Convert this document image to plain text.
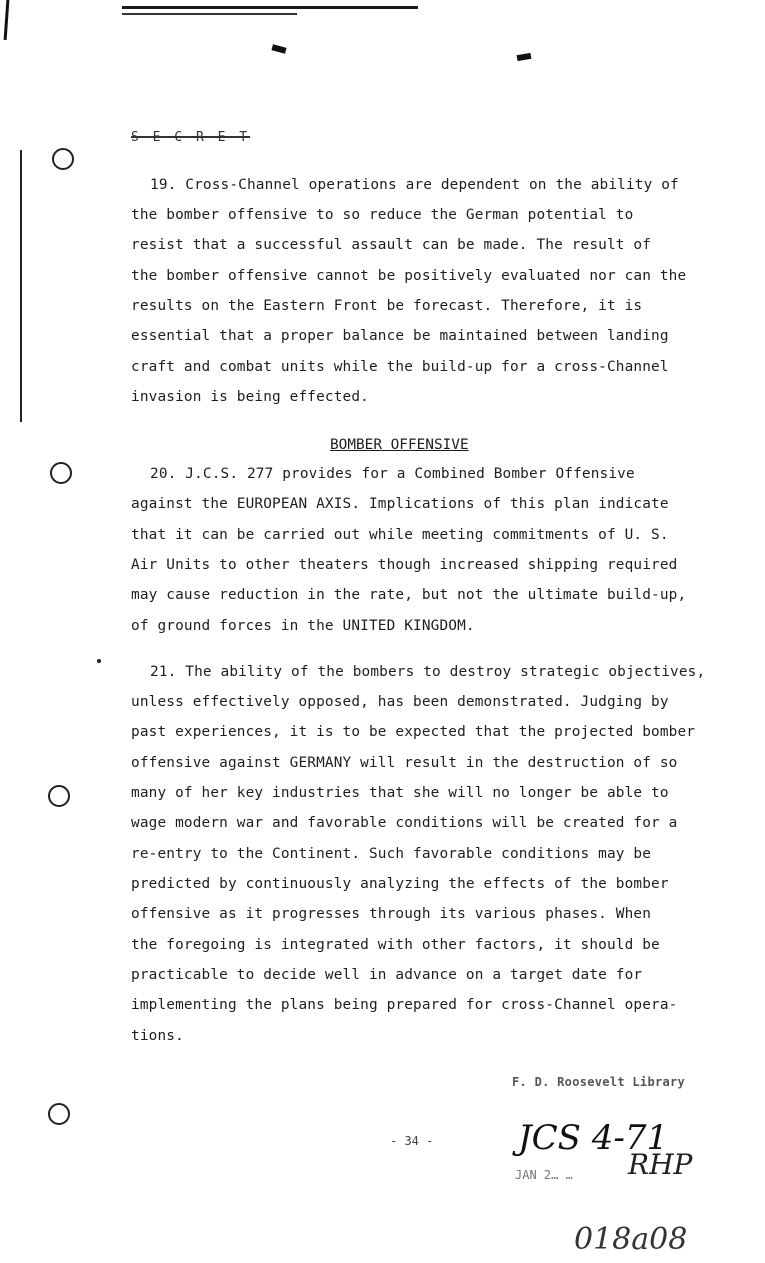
S E C R E T
19. Cross-Channel operations are dependent on the ability of
the bomber offensive to so reduce the German potential to
resist that a successful assault can be made. The result of
the bomber offensive cannot be positively evaluated nor can the
results on the Eastern Front be forecast. Therefore, it is
essential that a proper balance be maintained between landing
craft and combat units while the build-up for a cross-Channel
invasion is being effected.
BOMBER OFFENSIVE
20. J.C.S. 277 provides for a Combined Bomber Offensive
against the EUROPEAN AXIS. Implications of this plan indicate
that it can be carried out while meeting commitments of U. S.
Air Units to other theaters though increased shipping required
may cause reduction in the rate, but not the ultimate build-up,
of ground forces in the UNITED KINGDOM.
21. The ability of the bombers to destroy strategic objectives,
unless effectively opposed, has been demonstrated. Judging by
past experiences, it is to be expected that the projected bomber
offensive against GERMANY will result in the destruction of so
many of her key industries that she will no longer be able to
wage modern war and favorable conditions will be created for a
re-entry to the Continent. Such favorable conditions may be
predicted by continuously analyzing the effects of the bomber
offensive as it progresses through its various phases. When
the foregoing is integrated with other factors, it should be
practicable to decide well in advance on a target date for
implementing the plans being prepared for cross-Channel opera-
tions.
F. D. Roosevelt Library
- 34 - JCS 4-71
JAN 2… … RHP
018a08
